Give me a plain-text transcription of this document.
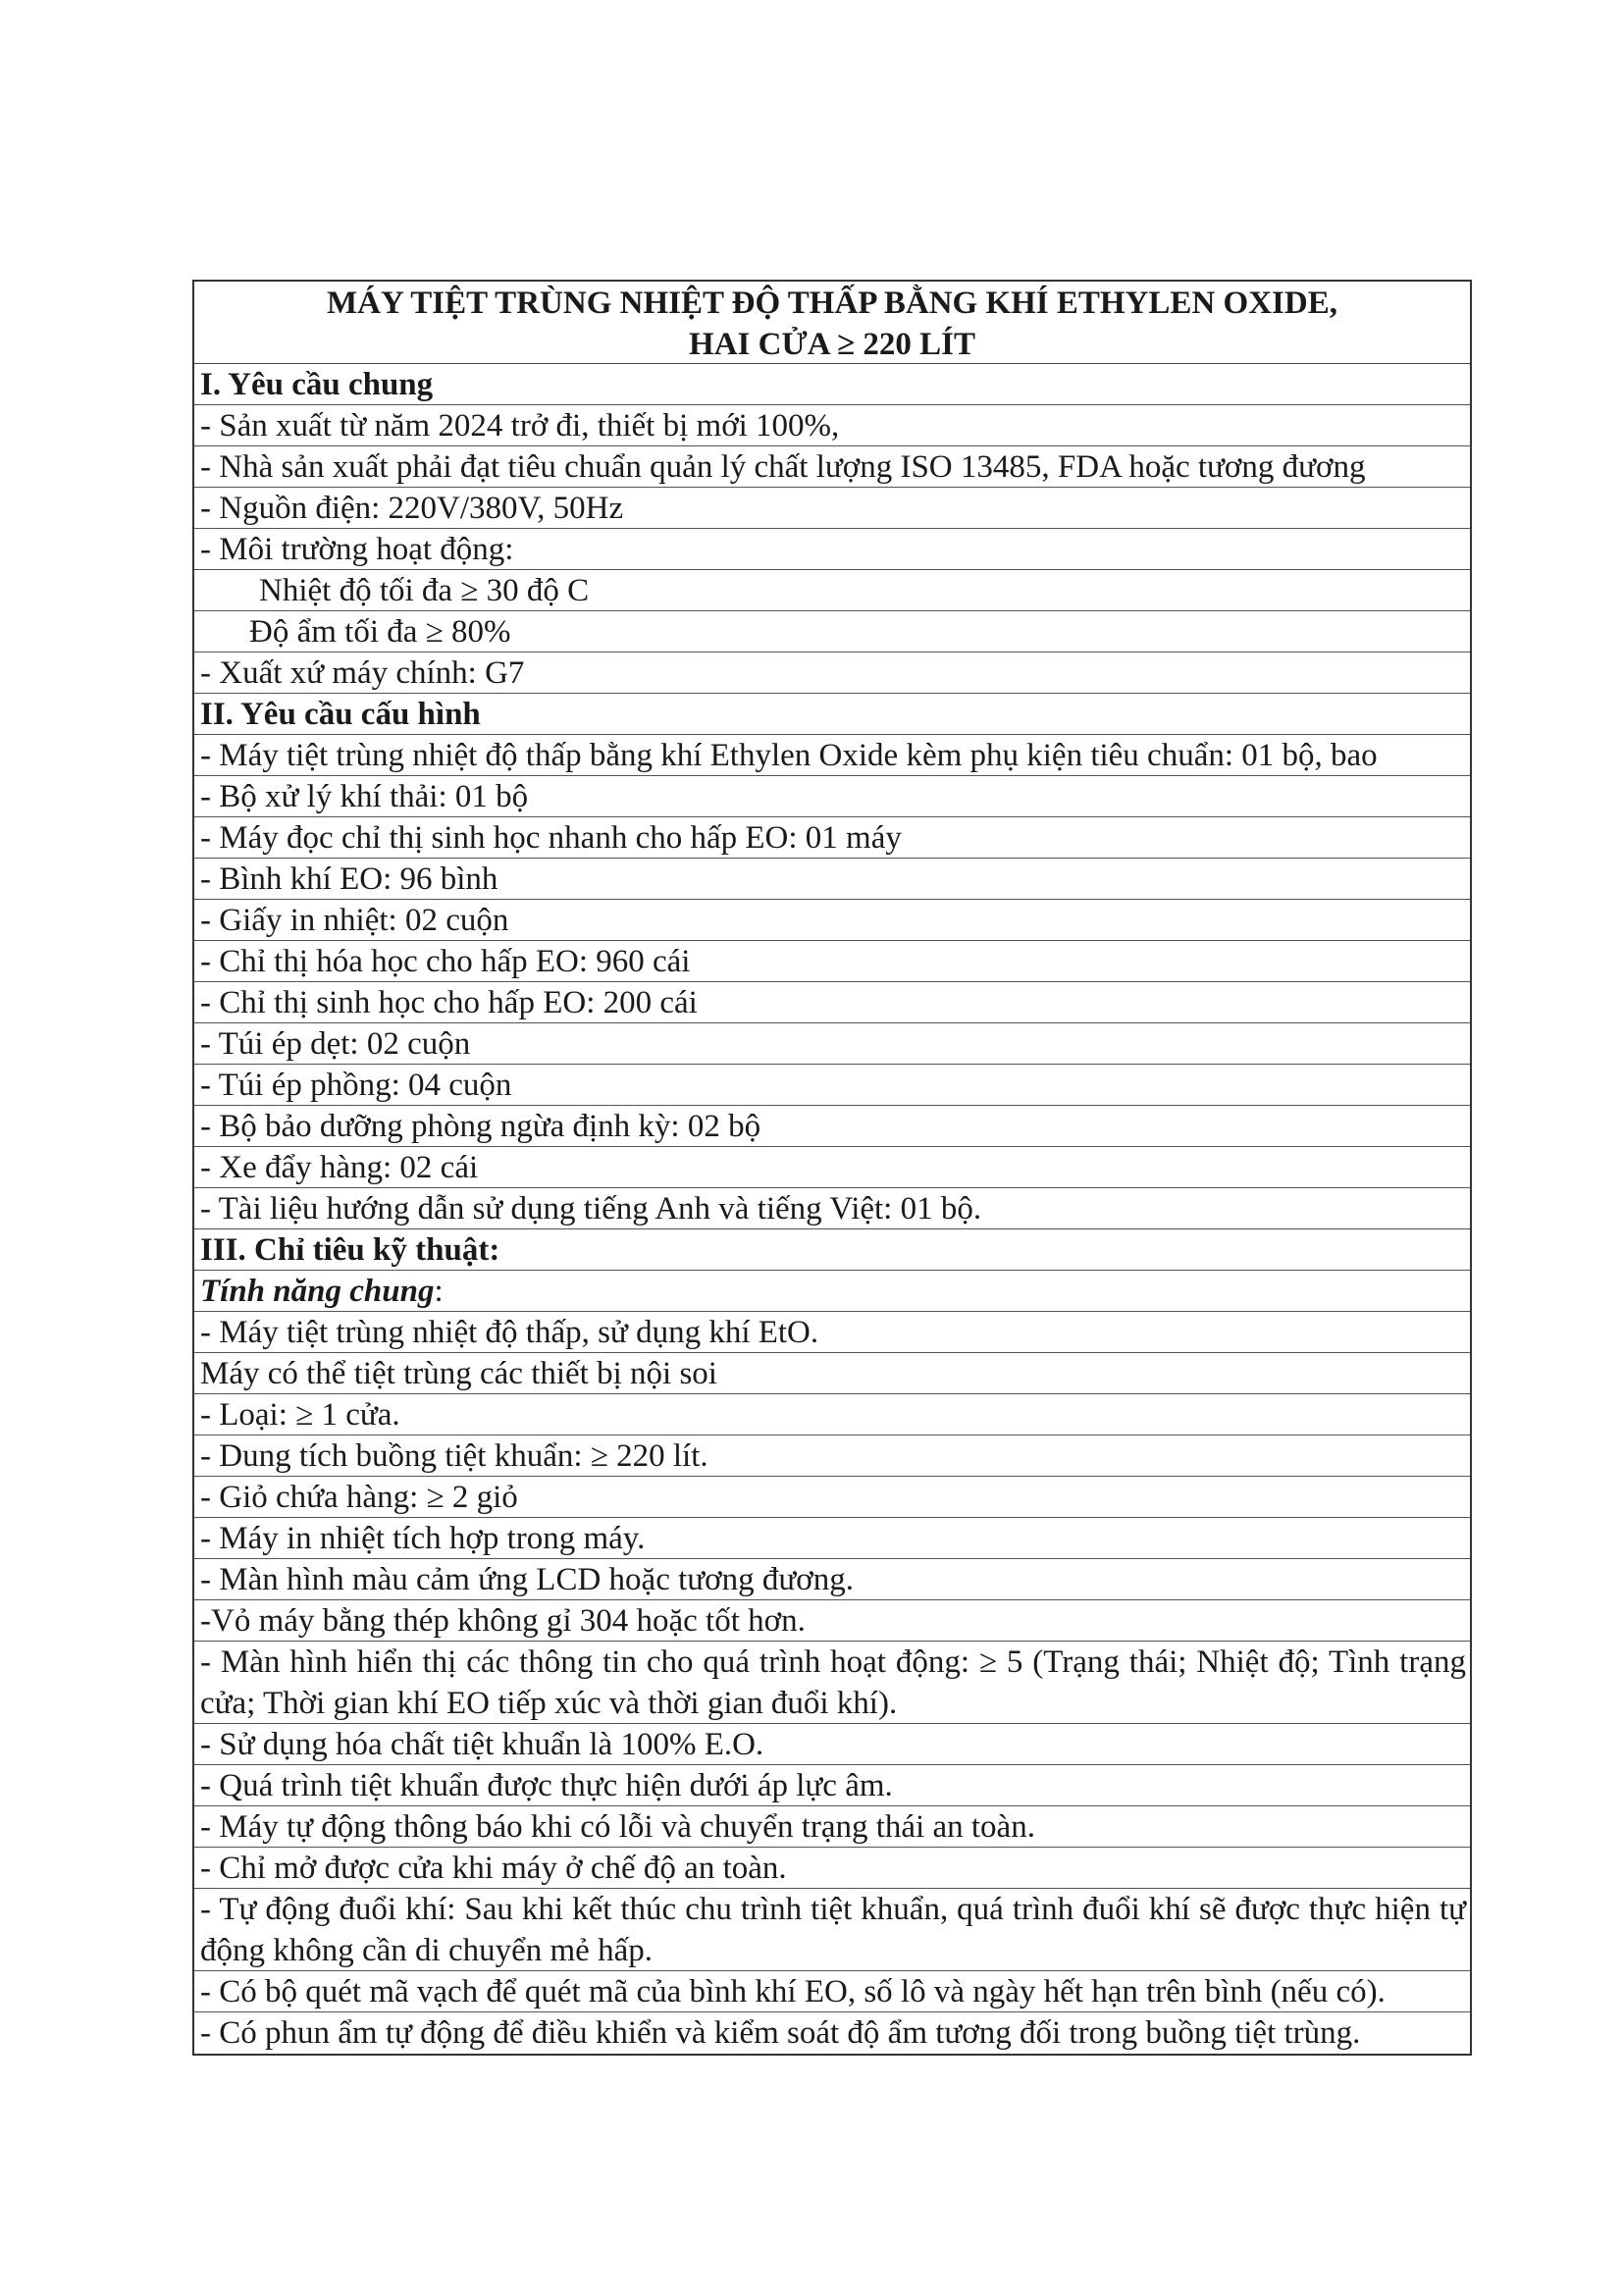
MÁY TIỆT TRÙNG NHIỆT ĐỘ THẤP BẰNG KHÍ ETHYLEN OXIDE,
HAI CỬA ≥ 220 LÍT
I. Yêu cầu chung
- Sản xuất từ năm 2024 trở đi, thiết bị mới 100%,
- Nhà sản xuất phải đạt tiêu chuẩn quản lý chất lượng ISO 13485, FDA hoặc tương đương
- Nguồn điện: 220V/380V, 50Hz
- Môi trường hoạt động:
Nhiệt độ tối đa ≥ 30 độ C
Độ ẩm tối đa ≥ 80%
- Xuất xứ máy chính: G7
II. Yêu cầu cấu hình
- Máy tiệt trùng nhiệt độ thấp bằng khí Ethylen Oxide kèm phụ kiện tiêu chuẩn: 01 bộ, bao
- Bộ xử lý khí thải: 01 bộ
- Máy đọc chỉ thị sinh học nhanh cho hấp EO: 01 máy
- Bình khí EO: 96 bình
- Giấy in nhiệt: 02 cuộn
- Chỉ thị hóa học cho hấp EO: 960 cái
- Chỉ thị sinh học cho hấp EO: 200 cái
- Túi ép dẹt: 02 cuộn
- Túi ép phồng: 04 cuộn
- Bộ bảo dưỡng phòng ngừa định kỳ: 02 bộ
- Xe đẩy hàng: 02 cái
- Tài liệu hướng dẫn sử dụng tiếng Anh và tiếng Việt: 01 bộ.
III. Chỉ tiêu kỹ thuật:
Tính năng chung:
- Máy tiệt trùng nhiệt độ thấp, sử dụng khí EtO.
Máy có thể tiệt trùng các thiết bị nội soi
- Loại: ≥ 1 cửa.
- Dung tích buồng tiệt khuẩn: ≥ 220 lít.
- Giỏ chứa hàng: ≥ 2 giỏ
- Máy in nhiệt tích hợp trong máy.
- Màn hình màu cảm ứng LCD hoặc tương đương.
-Vỏ máy bằng thép không gỉ 304 hoặc tốt hơn.
- Màn hình hiển thị các thông tin cho quá trình hoạt động: ≥ 5 (Trạng thái; Nhiệt độ; Tình trạng cửa; Thời gian khí EO tiếp xúc và thời gian đuổi khí).
- Sử dụng hóa chất tiệt khuẩn là 100% E.O.
- Quá trình tiệt khuẩn được thực hiện dưới áp lực âm.
- Máy tự động thông báo khi có lỗi và chuyển trạng thái an toàn.
- Chỉ mở được cửa khi máy ở chế độ an toàn.
- Tự động đuổi khí: Sau khi kết thúc chu trình tiệt khuẩn, quá trình đuổi khí sẽ được thực hiện tự động không cần di chuyển mẻ hấp.
- Có bộ quét mã vạch để quét mã của bình khí EO, số lô và ngày hết hạn trên bình (nếu có).
- Có phun ẩm tự động để điều khiển và kiểm soát độ ẩm tương đối trong buồng tiệt trùng.
